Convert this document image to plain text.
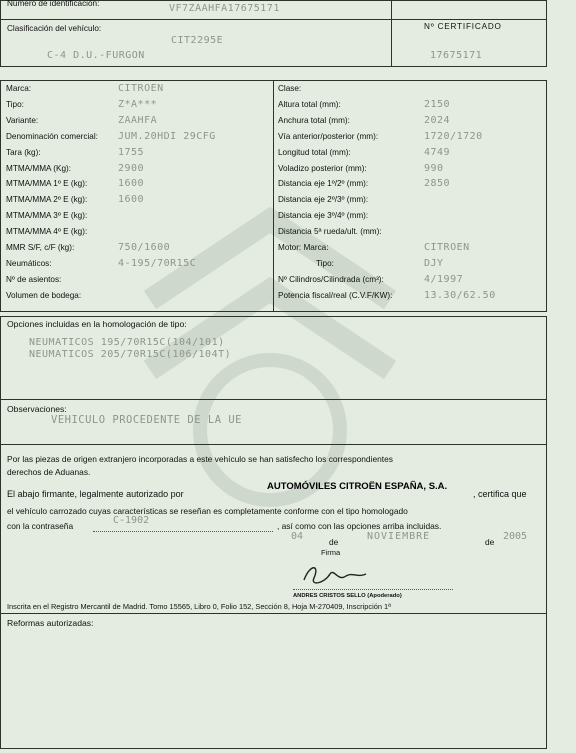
Número de identificación:	VF7ZAAHFA17675171
Clasificación del vehículo:
CIT2295E
C-4 D.U.-FURGON
Nº CERTIFICADO
17675171
Opciones incluidas en la homologación de tipo:
NEUMATICOS 195/70R15C(104/101)
NEUMATICOS 205/70R15C(106/104T)
Observaciones:
VEHICULO PROCEDENTE DE LA UE
Por las piezas de origen extranjero incorporadas a este vehículo se han satisfecho los correspondientes
derechos de Aduanas.
El abajo firmante, legalmente autorizado por
AUTOMÓVILES CITROËN ESPAÑA, S.A.
, certifica que
el vehículo carrozado cuyas características se reseñan es completamente conforme con el tipo homologado
con la contraseña	C-1902	, así como con las opciones arriba incluidas.
04	de	NOVIEMBRE	de 2005
Firma
ANDRES CRISTOS SELLO (Apoderado)
Inscrita en el Registro Mercantil de Madrid. Tomo 15565, Libro 0, Folio 152, Sección 8, Hoja M-270409, Inscripción 1ª
Reformas autorizadas:
Marca:	CITROEN
Tipo:	Z*A***
Variante:	ZAAHFA
Denominación comercial: JUM.20HDI 29CFG
Tara (kg):	1755
MTMA/MMA (Kg):	2900
MTMA/MMA 1º E (kg):	1600
MTMA/MMA 2º E (kg):	1600
MTMA/MMA 3º E (kg):
MTMA/MMA 4º E (kg):
MMR S/F, c/F (kg):	750/1600
Neumáticos:	4-195/70R15C
Nº de asientos:
Volumen de bodega:
Clase:
Altura total (mm):	2150
Anchura total (mm):	2024
Vía anterior/posterior (mm):	1720/1720
Longitud total (mm):	4749
Voladizo posterior (mm):	990
Distancia eje 1º/2º (mm):	2850
Distancia eje 2º/3º (mm):
Distancia eje 3º/4º (mm):
Distancia 5ª rueda/ult. (mm):
Motor: Marca:	CITROEN
Tipo:	DJY
Nº Cilindros/Cilindrada (cm³):	4/1997
Potencia fiscal/real (C.V.F/KW):	13.30/62.50
